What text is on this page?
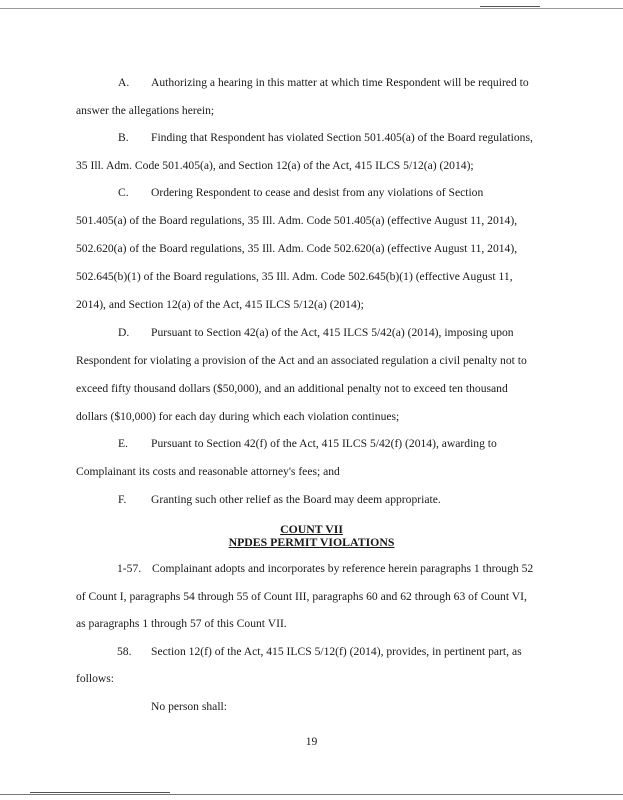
A. Authorizing a hearing in this matter at which time Respondent will be required to
answer the allegations herein;
B. Finding that Respondent has violated Section 501.405(a) of the Board regulations,
35 Ill. Adm. Code 501.405(a), and Section 12(a) of the Act, 415 ILCS 5/12(a) (2014);
C. Ordering Respondent to cease and desist from any violations of Section
501.405(a) of the Board regulations, 35 Ill. Adm. Code 501.405(a) (effective August 11, 2014),
502.620(a) of the Board regulations, 35 Ill. Adm. Code 502.620(a) (effective August 11, 2014),
502.645(b)(1) of the Board regulations, 35 Ill. Adm. Code 502.645(b)(1) (effective August 11,
2014), and Section 12(a) of the Act, 415 ILCS 5/12(a) (2014);
D. Pursuant to Section 42(a) of the Act, 415 ILCS 5/42(a) (2014), imposing upon
Respondent for violating a provision of the Act and an associated regulation a civil penalty not to
exceed fifty thousand dollars ($50,000), and an additional penalty not to exceed ten thousand
dollars ($10,000) for each day during which each violation continues;
E. Pursuant to Section 42(f) of the Act, 415 ILCS 5/42(f) (2014), awarding to
Complainant its costs and reasonable attorney's fees; and
F. Granting such other relief as the Board may deem appropriate.
COUNT VII
NPDES PERMIT VIOLATIONS
1-57. Complainant adopts and incorporates by reference herein paragraphs 1 through 52
of Count I, paragraphs 54 through 55 of Count III, paragraphs 60 and 62 through 63 of Count VI,
as paragraphs 1 through 57 of this Count VII.
58. Section 12(f) of the Act, 415 ILCS 5/12(f) (2014), provides, in pertinent part, as
follows:
No person shall:
19
